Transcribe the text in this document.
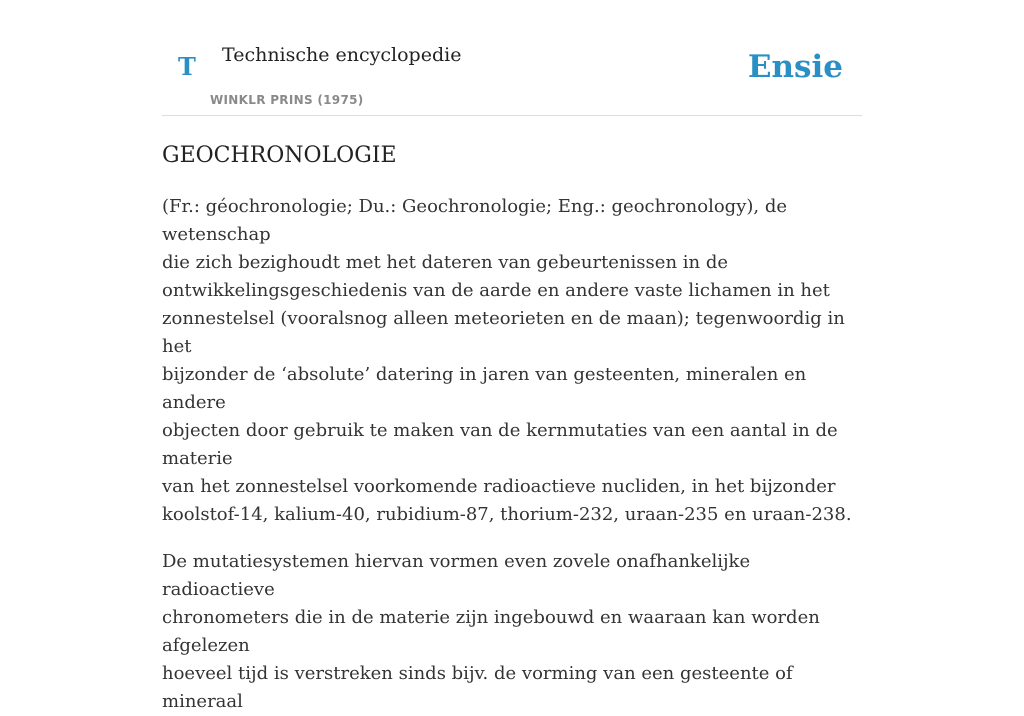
T Technische encyclopedie
WINKLR PRINS (1975)
Ensie
GEOCHRONOLOGIE

(Fr.: géochronologie; Du.: Geochronologie; Eng.: geochronology), de wetenschap
die zich bezighoudt met het dateren van gebeurtenissen in de
ontwikkelingsgeschiedenis van de aarde en andere vaste lichamen in het
zonnestelsel (vooralsnog alleen meteorieten en de maan); tegenwoordig in het
bijzonder de ‘absolute’ datering in jaren van gesteenten, mineralen en andere
objecten door gebruik te maken van de kernmutaties van een aantal in de materie
van het zonnestelsel voorkomende radioactieve nucliden, in het bijzonder
koolstof-14, kalium-40, rubidium-87, thorium-232, uraan-235 en uraan-238.

De mutatiesystemen hiervan vormen even zovele onafhankelijke radioactieve
chronometers die in de materie zijn ingebouwd en waaraan kan worden afgelezen
hoeveel tijd is verstreken sinds bijv. de vorming van een gesteente of mineraal
